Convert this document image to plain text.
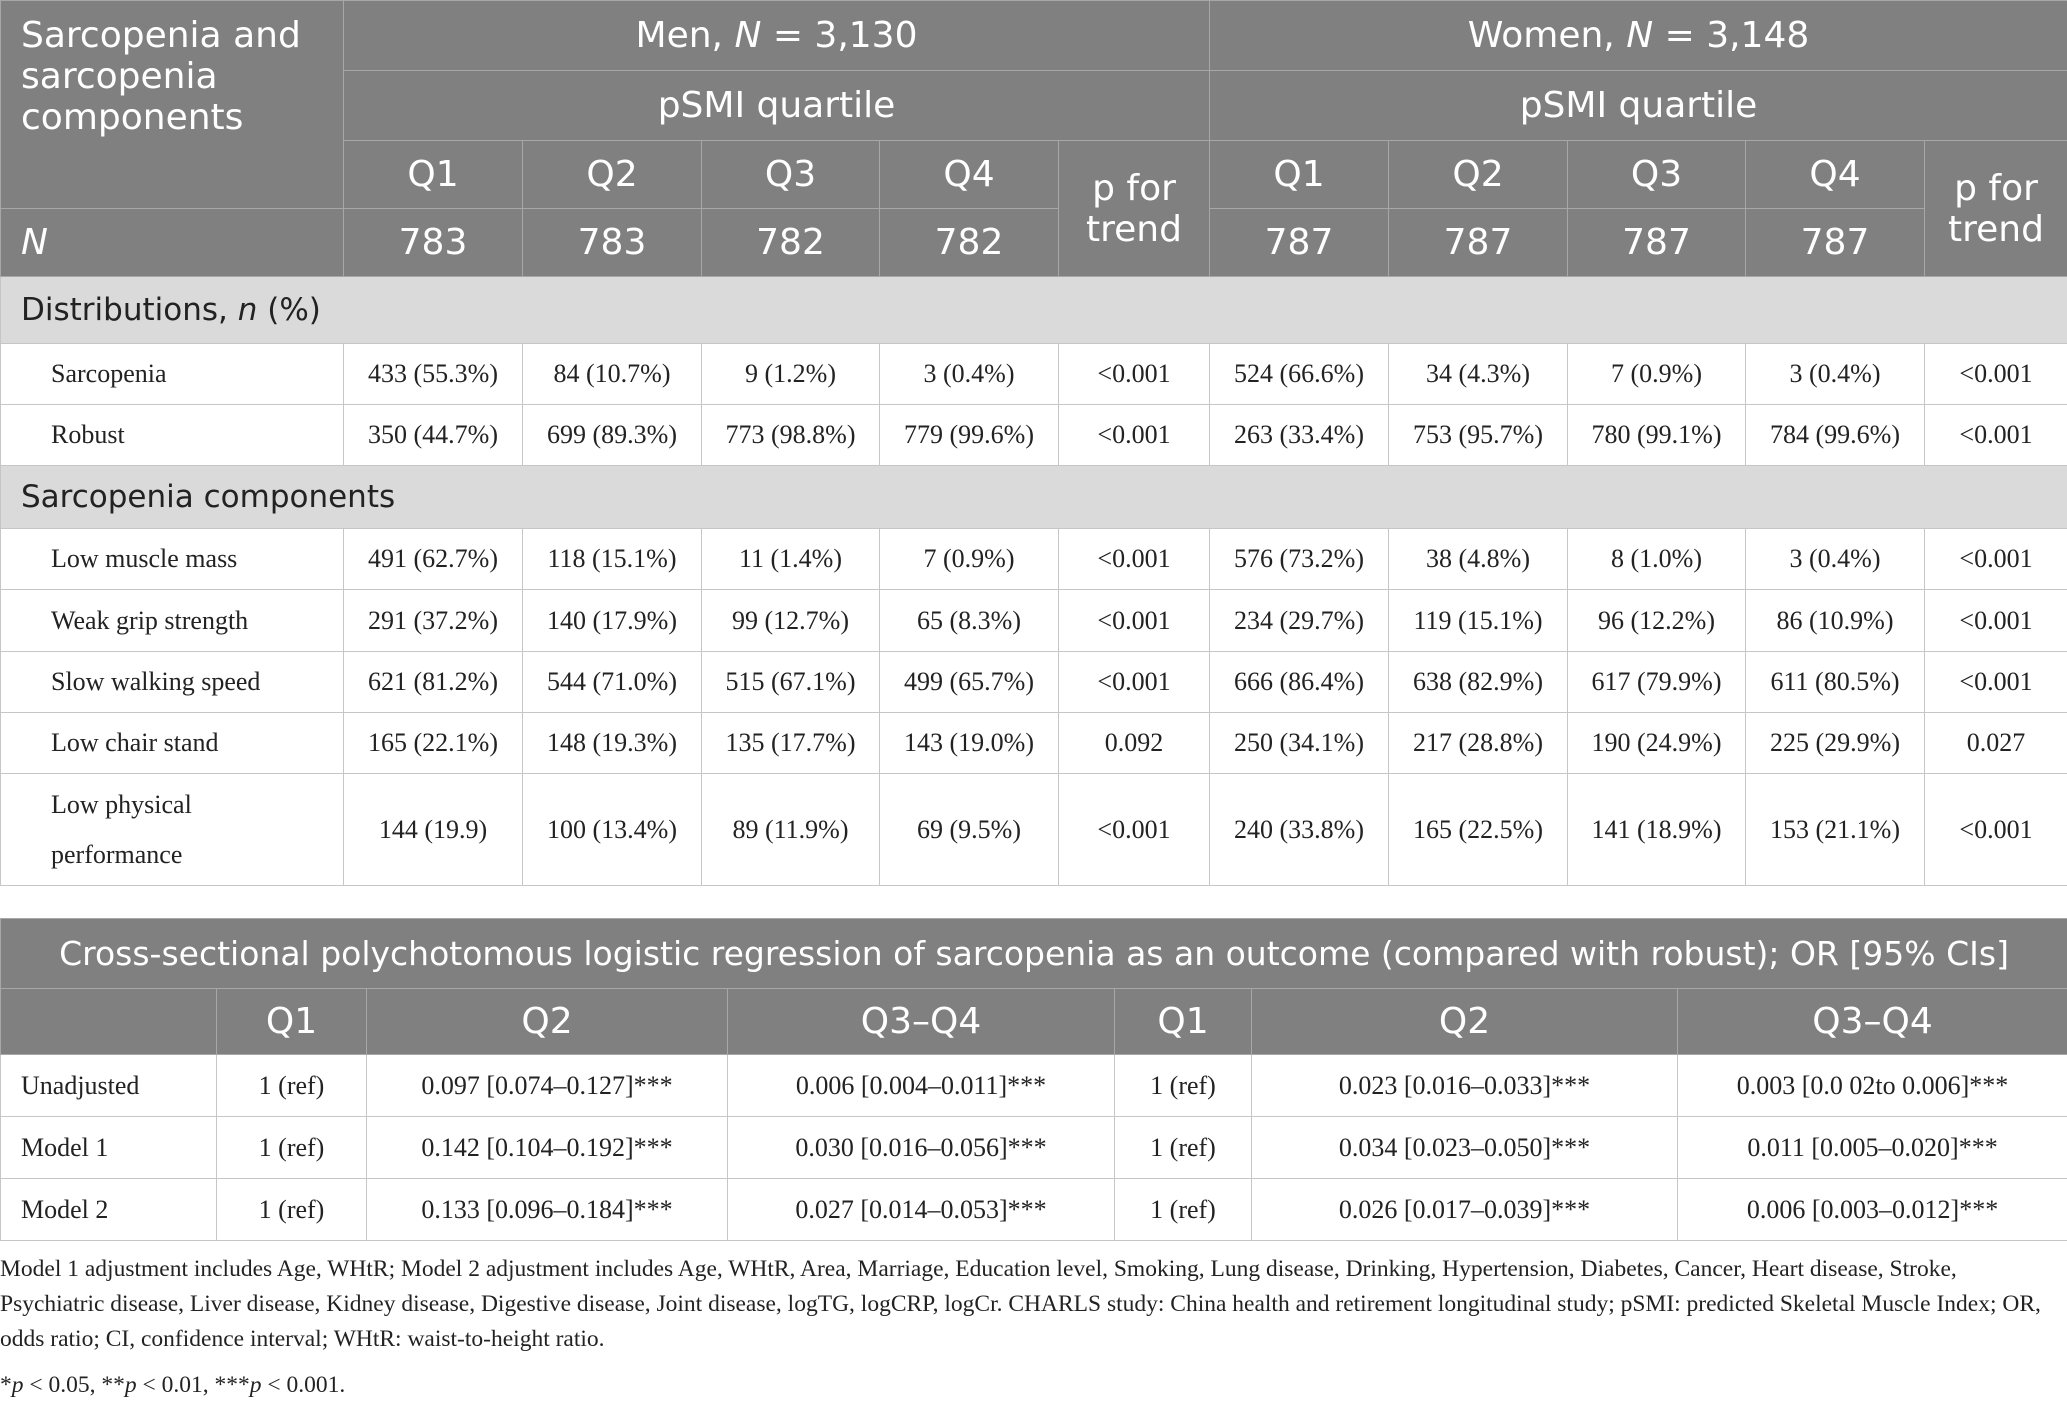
Sarcopenia and sarcopenia components	Men, N = 3,130					Women, N = 3,148				
	pSMI quartile					pSMI quartile				
	Q1	Q2	Q3	Q4	p for trend	Q1	Q2	Q3	Q4	p for trend
N	783	783	782	782		787	787	787	787	
Distributions, n (%)										
Sarcopenia	433 (55.3%)	84 (10.7%)	9 (1.2%)	3 (0.4%)	<0.001	524 (66.6%)	34 (4.3%)	7 (0.9%)	3 (0.4%)	<0.001
Robust	350 (44.7%)	699 (89.3%)	773 (98.8%)	779 (99.6%)	<0.001	263 (33.4%)	753 (95.7%)	780 (99.1%)	784 (99.6%)	<0.001
Sarcopenia components										
Low muscle mass	491 (62.7%)	118 (15.1%)	11 (1.4%)	7 (0.9%)	<0.001	576 (73.2%)	38 (4.8%)	8 (1.0%)	3 (0.4%)	<0.001
Weak grip strength	291 (37.2%)	140 (17.9%)	99 (12.7%)	65 (8.3%)	<0.001	234 (29.7%)	119 (15.1%)	96 (12.2%)	86 (10.9%)	<0.001
Slow walking speed	621 (81.2%)	544 (71.0%)	515 (67.1%)	499 (65.7%)	<0.001	666 (86.4%)	638 (82.9%)	617 (79.9%)	611 (80.5%)	<0.001
Low chair stand	165 (22.1%)	148 (19.3%)	135 (17.7%)	143 (19.0%)	0.092	250 (34.1%)	217 (28.8%)	190 (24.9%)	225 (29.9%)	0.027
Low physical performance	144 (19.9)	100 (13.4%)	89 (11.9%)	69 (9.5%)	<0.001	240 (33.8%)	165 (22.5%)	141 (18.9%)	153 (21.1%)	<0.001
Cross-sectional polychotomous logistic regression of sarcopenia as an outcome (compared with robust); OR [95% CIs]						
	Q1	Q2	Q3–Q4	Q1	Q2	Q3–Q4
Unadjusted	1 (ref)	0.097 [0.074–0.127]***	0.006 [0.004–0.011]***	1 (ref)	0.023 [0.016–0.033]***	0.003 [0.0 02to 0.006]***
Model 1	1 (ref)	0.142 [0.104–0.192]***	0.030 [0.016–0.056]***	1 (ref)	0.034 [0.023–0.050]***	0.011 [0.005–0.020]***
Model 2	1 (ref)	0.133 [0.096–0.184]***	0.027 [0.014–0.053]***	1 (ref)	0.026 [0.017–0.039]***	0.006 [0.003–0.012]***
Model 1 adjustment includes Age, WHtR; Model 2 adjustment includes Age, WHtR, Area, Marriage, Education level, Smoking, Lung disease, Drinking, Hypertension, Diabetes, Cancer, Heart disease, Stroke, Psychiatric disease, Liver disease, Kidney disease, Digestive disease, Joint disease, logTG, logCRP, logCr. CHARLS study: China health and retirement longitudinal study; pSMI: predicted Skeletal Muscle Index; OR, odds ratio; CI, confidence interval; WHtR: waist-to-height ratio.
*p < 0.05, **p < 0.01, ***p < 0.001.
